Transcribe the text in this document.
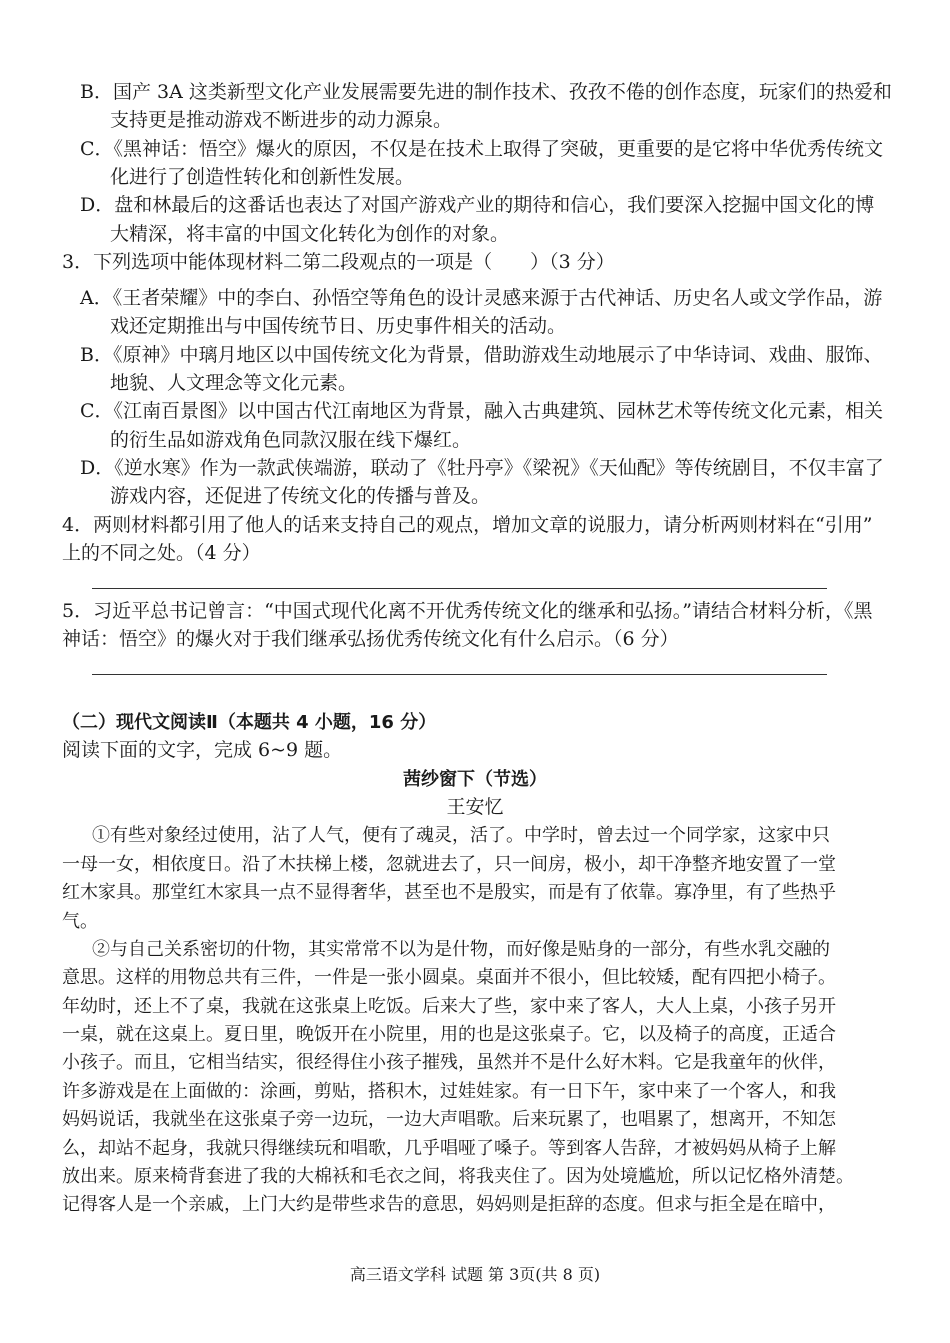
B．国产 3A 这类新型文化产业发展需要先进的制作技术、孜孜不倦的创作态度，玩家们的热爱和
支持更是推动游戏不断进步的动力源泉。
C．《黑神话：悟空》爆火的原因，不仅是在技术上取得了突破，更重要的是它将中华优秀传统文
化进行了创造性转化和创新性发展。
D．盘和林最后的这番话也表达了对国产游戏产业的期待和信心，我们要深入挖掘中国文化的博
大精深，将丰富的中国文化转化为创作的对象。
3．下列选项中能体现材料二第二段观点的一项是（　　）（3 分）
A．《王者荣耀》中的李白、孙悟空等角色的设计灵感来源于古代神话、历史名人或文学作品，游
戏还定期推出与中国传统节日、历史事件相关的活动。
B．《原神》中璃月地区以中国传统文化为背景，借助游戏生动地展示了中华诗词、戏曲、服饰、
地貌、人文理念等文化元素。
C．《江南百景图》以中国古代江南地区为背景，融入古典建筑、园林艺术等传统文化元素，相关
的衍生品如游戏角色同款汉服在线下爆红。
D．《逆水寒》作为一款武侠端游，联动了《牡丹亭》《梁祝》《天仙配》等传统剧目，不仅丰富了
游戏内容，还促进了传统文化的传播与普及。
4．两则材料都引用了他人的话来支持自己的观点，增加文章的说服力，请分析两则材料在“引用”
上的不同之处。（4 分）
5．习近平总书记曾言：“中国式现代化离不开优秀传统文化的继承和弘扬。”请结合材料分析，《黑
神话：悟空》的爆火对于我们继承弘扬优秀传统文化有什么启示。（6 分）
（二）现代文阅读Ⅱ（本题共 4 小题，16 分）
阅读下面的文字，完成 6~9 题。
茜纱窗下（节选）
王安忆
①有些对象经过使用，沾了人气，便有了魂灵，活了。中学时，曾去过一个同学家，这家中只
一母一女，相依度日。沿了木扶梯上楼，忽就进去了，只一间房，极小，却干净整齐地安置了一堂
红木家具。那堂红木家具一点不显得奢华，甚至也不是殷实，而是有了依靠。寡净里，有了些热乎
气。
②与自己关系密切的什物，其实常常不以为是什物，而好像是贴身的一部分，有些水乳交融的
意思。这样的用物总共有三件，一件是一张小圆桌。桌面并不很小，但比较矮，配有四把小椅子。
年幼时，还上不了桌，我就在这张桌上吃饭。后来大了些，家中来了客人，大人上桌，小孩子另开
一桌，就在这桌上。夏日里，晚饭开在小院里，用的也是这张桌子。它，以及椅子的高度，正适合
小孩子。而且，它相当结实，很经得住小孩子摧残，虽然并不是什么好木料。它是我童年的伙伴，
许多游戏是在上面做的：涂画，剪贴，搭积木，过娃娃家。有一日下午，家中来了一个客人，和我
妈妈说话，我就坐在这张桌子旁一边玩，一边大声唱歌。后来玩累了，也唱累了，想离开，不知怎
么，却站不起身，我就只得继续玩和唱歌，几乎唱哑了嗓子。等到客人告辞，才被妈妈从椅子上解
放出来。原来椅背套进了我的大棉袄和毛衣之间，将我夹住了。因为处境尴尬，所以记忆格外清楚。
记得客人是一个亲戚，上门大约是带些求告的意思，妈妈则是拒辞的态度。但求与拒全是在暗中，
高三语文学科 试题 第 3页(共 8 页)
